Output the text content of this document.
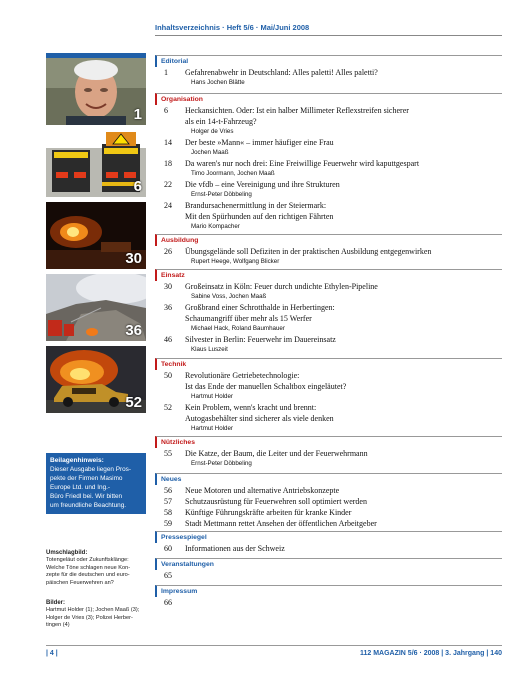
Inhaltsverzeichnis · Heft 5/6 · Mai/Juni 2008
1
6
30
36
52
Beilagenhinweis:
Dieser Ausgabe liegen Pros-
pekte der Firmen Masimo
Europe Ltd. und Ing.-
Büro Friedl bei. Wir bitten
um freundliche Beachtung.
Umschlagbild:
Totengeläut oder Zukunftsklänge:
Welche Töne schlagen neue Kon-
zepte für die deutschen und euro-
päischen Feuerwehren an?
Bilder:
Hartmut Holder (1); Jochen Maaß (3);
Holger de Vries (3); Polizei Herber-
tingen (4)
Editorial
1	Gefahrenabwehr in Deutschland: Alles paletti! Alles paletti?
Hans Jochen Blätte
Organisation
6	Heckansichten. Oder: Ist ein halber Millimeter Reflexstreifen sicherer
als ein 14-t-Fahrzeug?
Holger de Vries
14	Der beste »Mann« – immer häufiger eine Frau
Jochen Maaß
18	Da waren's nur noch drei: Eine Freiwillige Feuerwehr wird kaputtgespart
Timo Joormann, Jochen Maaß
22	Die vfdb – eine Vereinigung und ihre Strukturen
Ernst-Peter Döbbeling
24	Brandursachenermittlung in der Steiermark:
Mit den Spürhunden auf den richtigen Fährten
Mario Kompacher
Ausbildung
26	Übungsgelände soll Defiziten in der praktischen Ausbildung entgegenwirken
Rupert Heege, Wolfgang Blicker
Einsatz
30	Großeinsatz in Köln: Feuer durch undichte Ethylen-Pipeline
Sabine Voss, Jochen Maaß
36	Großbrand einer Schrotthalde in Herbertingen:
Schaumangriff über mehr als 15 Werfer
Michael Hack, Roland Baumhauer
46	Silvester in Berlin: Feuerwehr im Dauereinsatz
Klaus Luszeit
Technik
50	Revolutionäre Getriebetechnologie:
Ist das Ende der manuellen Schaltbox eingeläutet?
Hartmut Holder
52	Kein Problem, wenn's kracht und brennt:
Autogasbehälter sind sicherer als viele denken
Hartmut Holder
Nützliches
55	Die Katze, der Baum, die Leiter und der Feuerwehrmann
Ernst-Peter Döbbeling
Neues
56	Neue Motoren und alternative Antriebskonzepte
57	Schutzausrüstung für Feuerwehren soll optimiert werden
58	Künftige Führungskräfte arbeiten für kranke Kinder
59	Stadt Mettmann rettet Ansehen der öffentlichen Arbeitgeber
Pressespiegel
60	Informationen aus der Schweiz
Veranstaltungen
65
Impressum
66
| 4 |	112 MAGAZIN 5/6 · 2008 | 3. Jahrgang | 140
